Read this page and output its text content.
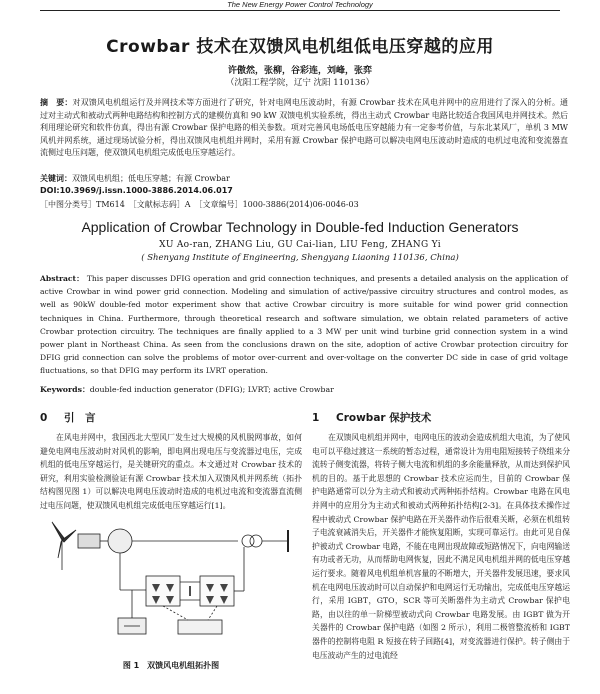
The New Energy Power Control Technology
Crowbar 技术在双馈风电机组低电压穿越的应用
许傲然，张柳，谷彩连，刘峰，张弈
（沈阳工程学院，辽宁 沈阳 110136）
摘　要：对双馈风电机组运行及并网技术等方面进行了研究，针对电网电压波动时，有源 Crowbar 技术在风电并网中的应用进行了深入的分析。通过对主动式和被动式两种电路结构和控制方式的建模仿真和 90 kW 双馈电机实验系统，得出主动式 Crowbar 电路比较适合我国风电并网技术。然后利用理论研究和软件仿真，得出有源 Crowbar 保护电路的相关参数。项对完善风电场低电压穿越能力有一定参考价值，与东北某风厂，单机 3 MW 风机并网系统，通过现场试验分析，得出双馈风电机组并网时，采用有源 Crowbar 保护电路可以解决电网电压波动时造成的电机过电流和变流器直流侧过电压问题，使双馈风电机组完成低电压穿越运行。
关键词：双馈风电机组；低电压穿越；有源 Crowbar
DOI:10.3969/j.issn.1000-3886.2014.06.017
［中图分类号］TM614　［文献标志码］A　［文章编号］1000-3886(2014)06-0046-03
Application of Crowbar Technology in Double-fed Induction Generators
XU Ao-ran, ZHANG Liu, GU Cai-lian, LIU Feng, ZHANG Yi
( Shenyang Institute of Engineering, Shengyang Liaoning 110136, China)
Abstract： This paper discusses DFIG operation and grid connection techniques, and presents a detailed analysis on the application of active Crowbar in wind power grid connection. Modeling and simulation of active/passive circuitry structures and control modes, as well as 90kW double-fed motor experiment show that active Crowbar circuitry is more suitable for wind power grid connection techniques in China. Furthermore, through theoretical research and software simulation, we obtain related parameters of active Crowbar protection circuitry. The techniques are finally applied to a 3 MW per unit wind turbine grid connection system in a wind power plant in Northeast China. As seen from the conclusions drawn on the site, adoption of active Crowbar protection circuitry for DFIG grid connection can solve the problems of motor over-current and over-voltage on the converter DC side in case of grid voltage fluctuations, so that DFIG may perform its LVRT operation.
Keywords：double-fed induction generator (DFIG); LVRT; active Crowbar
0 引　言

在风电并网中，我国西北大型风厂发生过大规模的风机脱网事故，如何避免电网电压波动时对风机的影响，即电网出现电压与变流器过电压，完成机组的低电压穿越运行，是关键研究的重点。本文通过对 Crowbar 技术的研究，利用实验检测验证有源 Crowbar 技术加入双馈风机并网系统（拓扑结构图见图 1）可以解决电网电压波动时造成的电机过电流和变流器直流侧过电压问题，使双馈风电机组完成低电压穿越运行[1]。

图 1　双馈风电机组拓扑图
1 Crowbar 保护技术

在双馈风电机组并网中，电网电压的波动会造成机组大电流，为了使风电可以平稳过渡这一系统的暂态过程，通常设计为用电阻短接转子绕组来分流转子侧变流器，将转子侧大电流和机组的多余能量释放，从而达到保护风机的目的。基于此思想的 Crowbar 技术应运而生，目前的 Crowbar 保护电路通常可以分为主动式和被动式两种拓扑结构。Crowbar 电路在风电并网中的应用分为主动式和被动式两种拓扑结构[2-3]。在具体技术操作过程中被动式 Crowbar 保护电路在开关器件动作后很难关断，必须在机组转子电流衰减消失后，开关器件才能恢复阻断，实现可靠运行。由此可见自保护被动式 Crowbar 电路，不能在电网出现故障或短路情况下，向电网输送有功或者无功，从而帮助电网恢复，因此不满足风电机组并网的低电压穿越运行要求。随着风电机组单机容量的不断增大，开关器件发展迅速，要求风机在电网电压波动时可以自动保护和电网运行无功输出，完成低电压穿越运行，采用 IGBT，GTO，SCR 等可关断器件为主动式 Crowbar 保护电路，由以往的单一阶梯型被动式向 Crowbar 电路发展。由 IGBT 做为开关器件的 Crowbar 保护电路（如图 2 所示），利用二极管整流桥和 IGBT 器件的控制将电阻 R 短接在转子回路[4]，对变流器进行保护。转子侧由于电压波动产生的过电流经
